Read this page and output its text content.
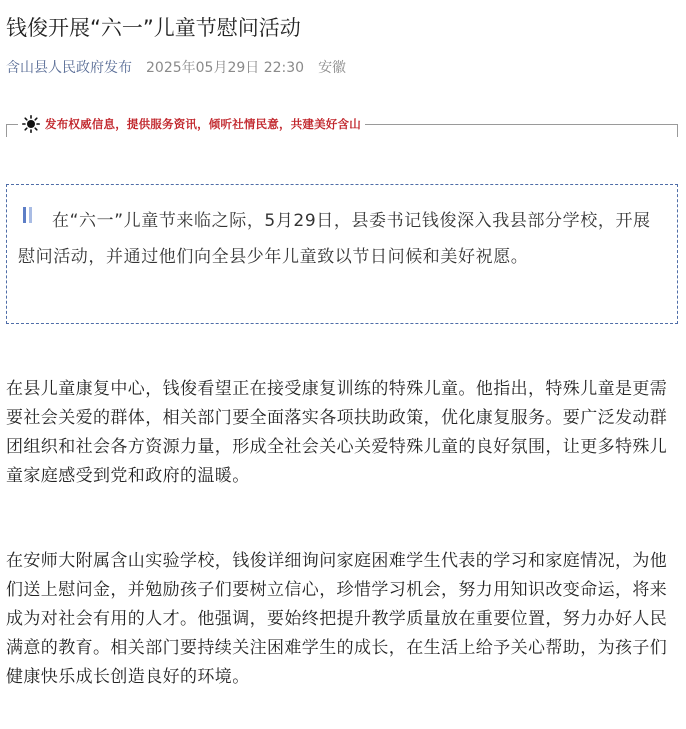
钱俊开展“六一”儿童节慰问活动
含山县人民政府发布 2025年05月29日 22:30 安徽
发布权威信息，提供服务资讯，倾听社情民意，共建美好含山
在“六一”儿童节来临之际，5月29日，县委书记钱俊深入我县部分学校，开展慰问活动，并通过他们向全县少年儿童致以节日问候和美好祝愿。
在县儿童康复中心，钱俊看望正在接受康复训练的特殊儿童。他指出，特殊儿童是更需要社会关爱的群体，相关部门要全面落实各项扶助政策，优化康复服务。要广泛发动群团组织和社会各方资源力量，形成全社会关心关爱特殊儿童的良好氛围，让更多特殊儿童家庭感受到党和政府的温暖。
在安师大附属含山实验学校，钱俊详细询问家庭困难学生代表的学习和家庭情况，为他们送上慰问金，并勉励孩子们要树立信心，珍惜学习机会，努力用知识改变命运，将来成为对社会有用的人才。他强调，要始终把提升教学质量放在重要位置，努力办好人民满意的教育。相关部门要持续关注困难学生的成长，在生活上给予关心帮助，为孩子们健康快乐成长创造良好的环境。
